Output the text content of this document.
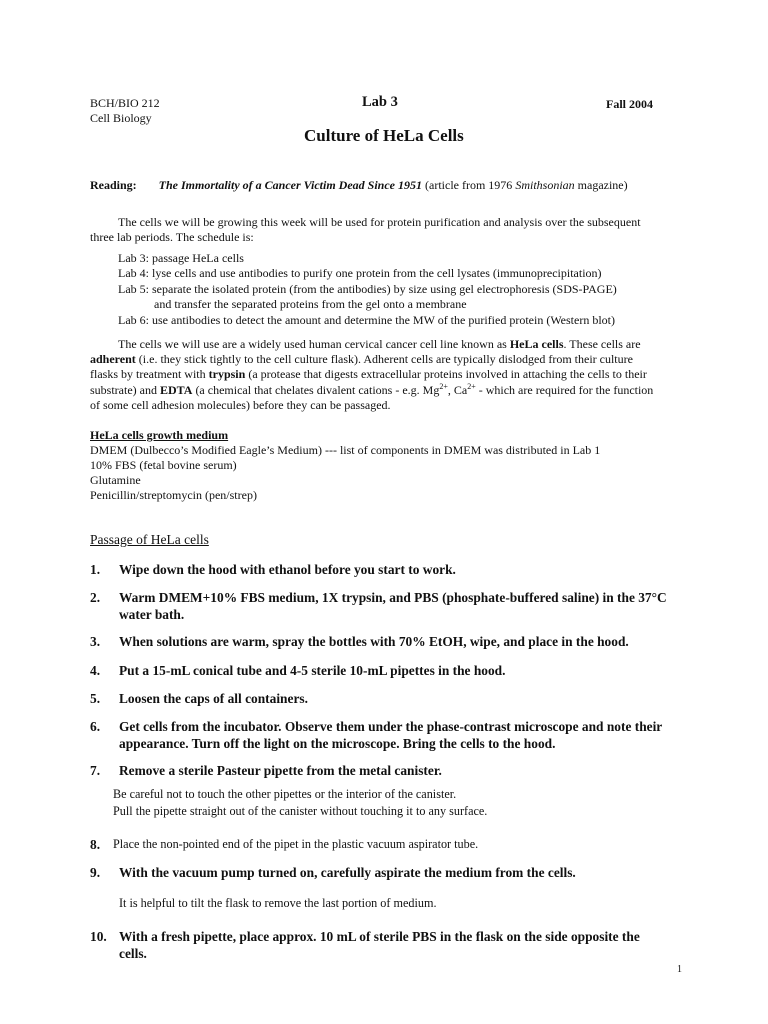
BCH/BIO 212
Cell Biology
Lab 3	Fall 2004
Culture of HeLa Cells
Reading: The Immortality of a Cancer Victim Dead Since 1951 (article from 1976 Smithsonian magazine)
The cells we will be growing this week will be used for protein purification and analysis over the subsequent
three lab periods. The schedule is:
Lab 3: passage HeLa cells
Lab 4: lyse cells and use antibodies to purify one protein from the cell lysates (immunoprecipitation)
Lab 5: separate the isolated protein (from the antibodies) by size using gel electrophoresis (SDS-PAGE)
and transfer the separated proteins from the gel onto a membrane
Lab 6: use antibodies to detect the amount and determine the MW of the purified protein (Western blot)
The cells we will use are a widely used human cervical cancer cell line known as HeLa cells. These cells are
adherent (i.e. they stick tightly to the cell culture flask). Adherent cells are typically dislodged from their culture
flasks by treatment with trypsin (a protease that digests extracellular proteins involved in attaching the cells to their
substrate) and EDTA (a chemical that chelates divalent cations - e.g. $Mg^{2+}$, $Ca^{2+}$ - which are required for the function
of some cell adhesion molecules) before they can be passaged.
HeLa cells growth medium
DMEM (Dulbecco’s Modified Eagle’s Medium) --- list of components in DMEM was distributed in Lab 1
10% FBS (fetal bovine serum)
Glutamine
Penicillin/streptomycin (pen/strep)
Passage of HeLa cells
1. Wipe down the hood with ethanol before you start to work.
2. Warm DMEM+10% FBS medium, 1X trypsin, and PBS (phosphate-buffered saline) in the 37°C
water bath.
3. When solutions are warm, spray the bottles with 70% EtOH, wipe, and place in the hood.
4. Put a 15-mL conical tube and 4-5 sterile 10-mL pipettes in the hood.
5. Loosen the caps of all containers.
6. Get cells from the incubator. Observe them under the phase-contrast microscope and note their
appearance. Turn off the light on the microscope. Bring the cells to the hood.
7. Remove a sterile Pasteur pipette from the metal canister.
Be careful not to touch the other pipettes or the interior of the canister.
Pull the pipette straight out of the canister without touching it to any surface.
8. Place the non-pointed end of the pipet in the plastic vacuum aspirator tube.
9. With the vacuum pump turned on, carefully aspirate the medium from the cells.
It is helpful to tilt the flask to remove the last portion of medium.
10. With a fresh pipette, place approx. 10 mL of sterile PBS in the flask on the side opposite the
cells.
1
